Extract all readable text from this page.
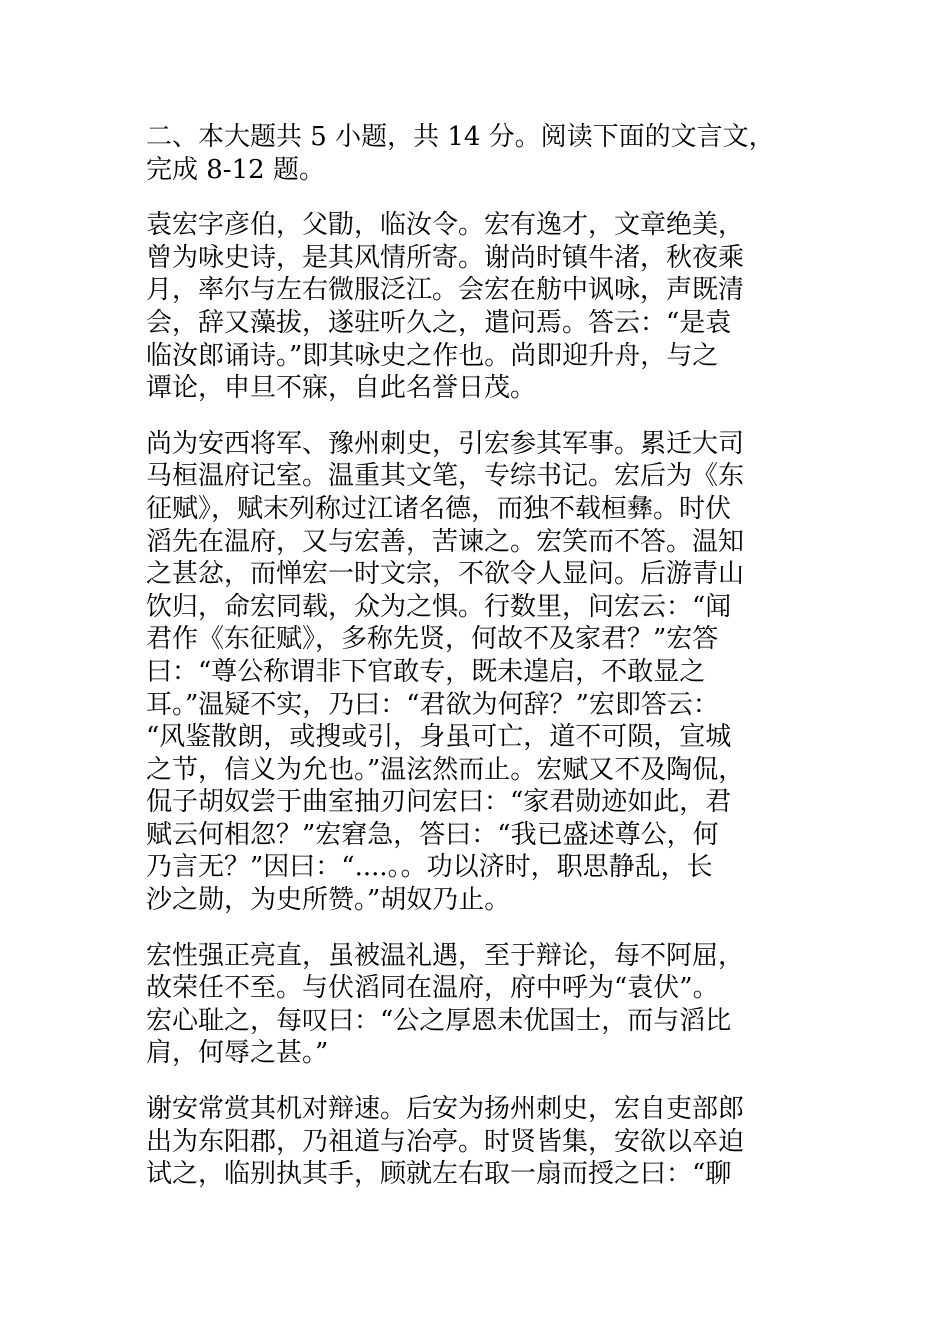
二、本大题共 5 小题，共 14 分。阅读下面的文言文，
完成 8-12 题。

袁宏字彦伯，父勖，临汝令。宏有逸才，文章绝美，
曾为咏史诗，是其风情所寄。谢尚时镇牛渚，秋夜乘
月，率尔与左右微服泛江。会宏在舫中讽咏，声既清
会，辞又藻拔，遂驻听久之，遣问焉。答云：“是袁
临汝郎诵诗。”即其咏史之作也。尚即迎升舟，与之
谭论，申旦不寐，自此名誉日茂。

尚为安西将军、豫州刺史，引宏参其军事。累迁大司
马桓温府记室。温重其文笔，专综书记。宏后为《东
征赋》，赋末列称过江诸名德，而独不载桓彝。时伏
滔先在温府，又与宏善，苦谏之。宏笑而不答。温知
之甚忿，而惮宏一时文宗，不欲令人显问。后游青山
饮归，命宏同载，众为之惧。行数里，问宏云：“闻
君作《东征赋》，多称先贤，何故不及家君？”宏答
曰：“尊公称谓非下官敢专，既未遑启，不敢显之
耳。”温疑不实，乃曰：“君欲为何辞？”宏即答云：
“风鉴散朗，或搜或引，身虽可亡，道不可陨，宣城
之节，信义为允也。”温泫然而止。宏赋又不及陶侃，
侃子胡奴尝于曲室抽刃问宏曰：“家君勋迹如此，君
赋云何相忽？”宏窘急，答曰：“我已盛述尊公，何
乃言无？”因曰：“....。。功以济时，职思静乱，长
沙之勋，为史所赞。”胡奴乃止。

宏性强正亮直，虽被温礼遇，至于辩论，每不阿屈，
故荣任不至。与伏滔同在温府，府中呼为“袁伏”。
宏心耻之，每叹曰：“公之厚恩未优国士，而与滔比
肩，何辱之甚。”

谢安常赏其机对辩速。后安为扬州刺史，宏自吏部郎
出为东阳郡，乃祖道与冶亭。时贤皆集，安欲以卒迫
试之，临别执其手，顾就左右取一扇而授之曰：“聊
